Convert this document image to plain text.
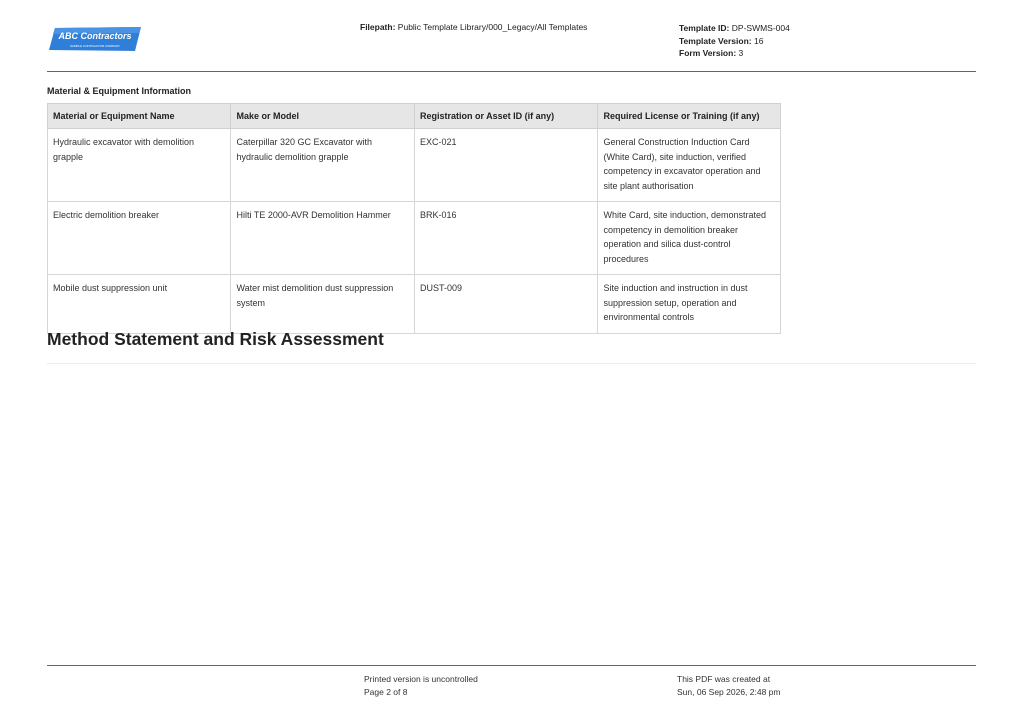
ABC Contractors
SAMPLE CONTRACTOR COMPANY
Filepath: Public Template Library/000_Legacy/All Templates	Template ID: DP-SWMS-004
Template Version: 16
Form Version: 3
Material & Equipment Information
Material or Equipment Name	Make or Model	Registration or Asset ID (if any)	Required License or Training (if any)
Hydraulic excavator with demolition grapple	Caterpillar 320 GC Excavator with hydraulic demolition grapple	EXC-021	General Construction Induction Card (White Card), site induction, verified competency in excavator operation and site plant authorisation
Electric demolition breaker	Hilti TE 2000-AVR Demolition Hammer	BRK-016	White Card, site induction, demonstrated competency in demolition breaker operation and silica dust-control procedures
Mobile dust suppression unit	Water mist demolition dust suppression system	DUST-009	Site induction and instruction in dust suppression setup, operation and environmental controls
Method Statement and Risk Assessment
Printed version is uncontrolled
Page 2 of 8
This PDF was created at
Sun, 06 Sep 2026, 2:48 pm
